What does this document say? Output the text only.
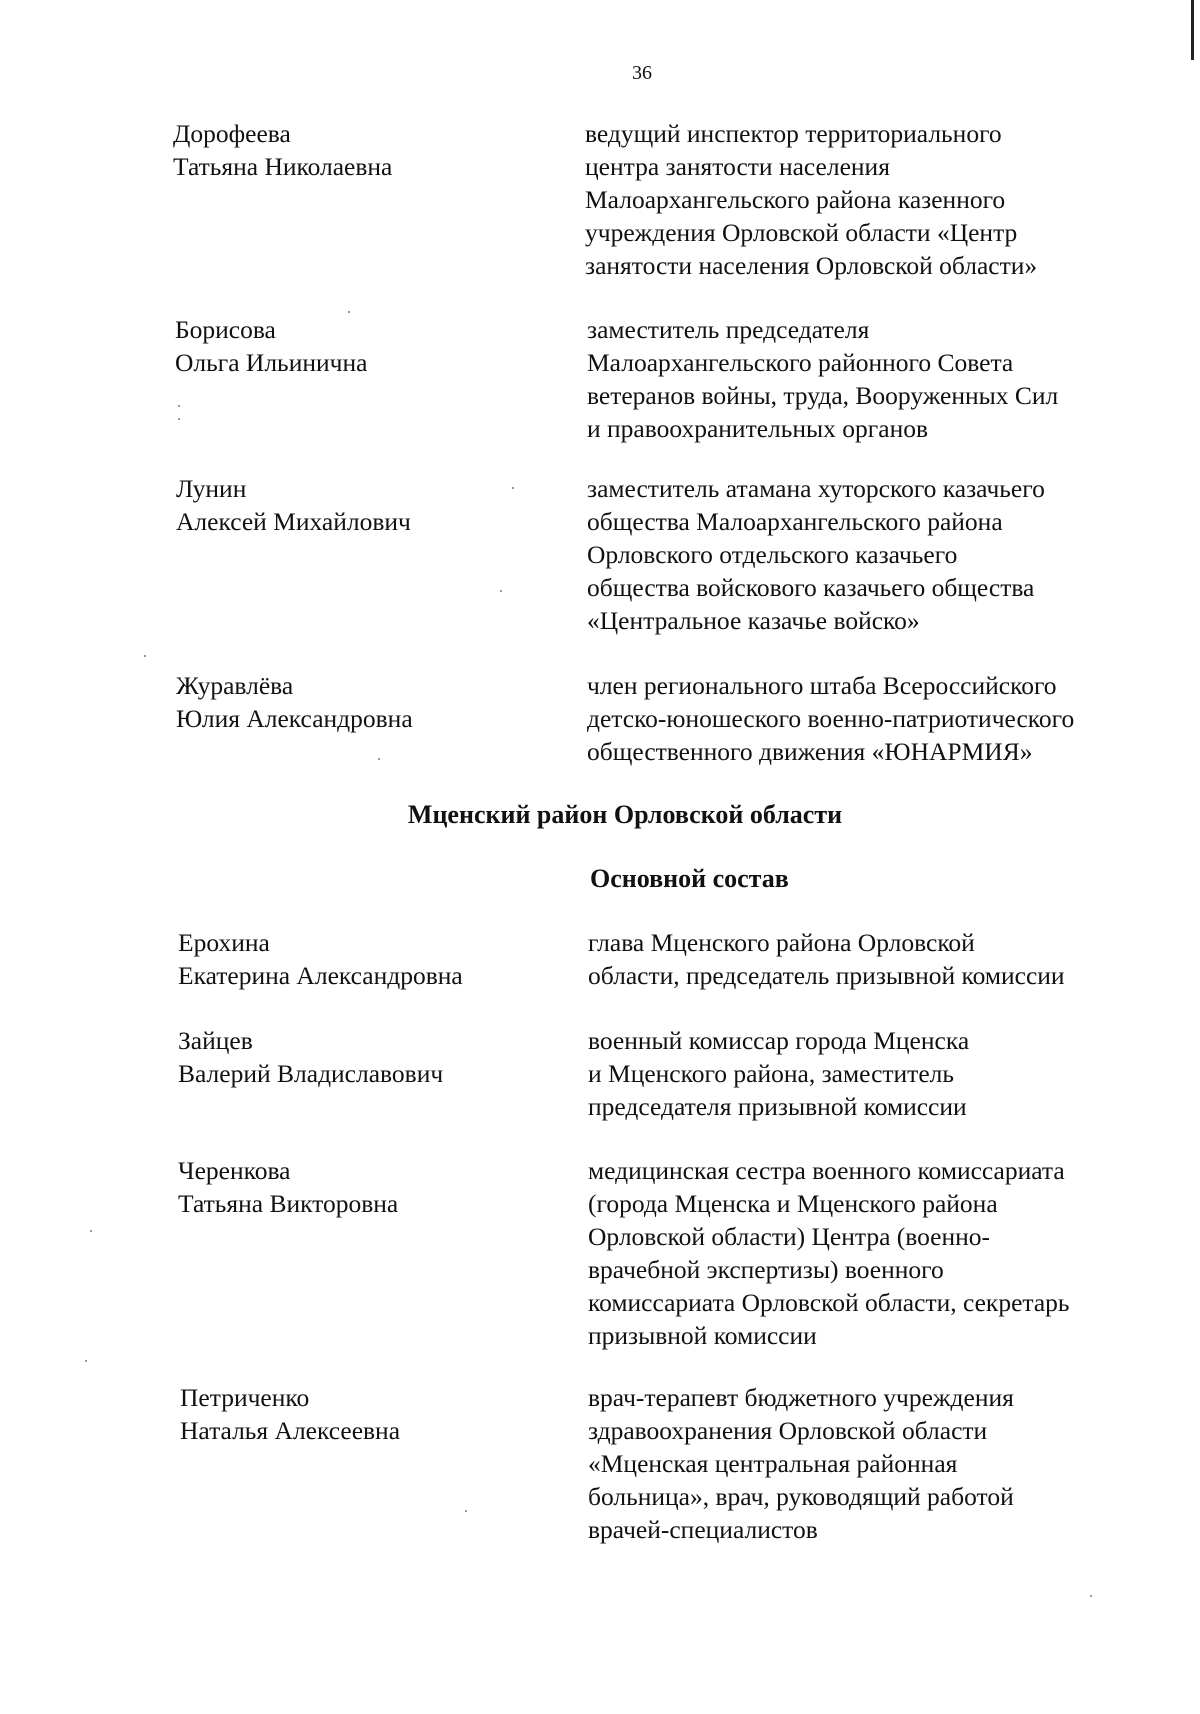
36
Дорофеева
Татьяна Николаевна
ведущий инспектор территориального
центра занятости населения
Малоархангельского района казенного
учреждения Орловской области «Центр
занятости населения Орловской области»
Борисова
Ольга Ильинична
заместитель председателя
Малоархангельского районного Совета
ветеранов войны, труда, Вооруженных Сил
и правоохранительных органов
Лунин
Алексей Михайлович
заместитель атамана хуторского казачьего
общества Малоархангельского района
Орловского отдельского казачьего
общества войскового казачьего общества
«Центральное казачье войско»
Журавлёва
Юлия Александровна
член регионального штаба Всероссийского
детско-юношеского военно-патриотического
общественного движения «ЮНАРМИЯ»
Мценский район Орловской области
Основной состав
Ерохина
Екатерина Александровна
глава Мценского района Орловской
области, председатель призывной комиссии
Зайцев
Валерий Владиславович
военный комиссар города Мценска
и Мценского района, заместитель
председателя призывной комиссии
Черенкова
Татьяна Викторовна
медицинская сестра военного комиссариата
(города Мценска и Мценского района
Орловской области) Центра (военно-
врачебной экспертизы) военного
комиссариата Орловской области, секретарь
призывной комиссии
Петриченко
Наталья Алексеевна
врач-терапевт бюджетного учреждения
здравоохранения Орловской области
«Мценская центральная районная
больница», врач, руководящий работой
врачей-специалистов
